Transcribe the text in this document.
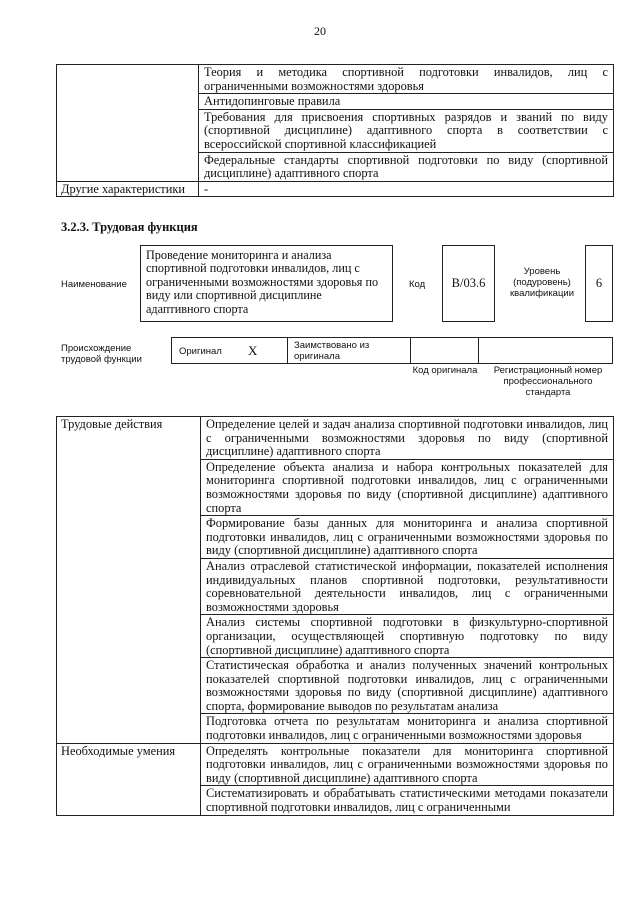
20
	Теория и методика спортивной подготовки инвалидов, лиц с ограниченными возможностями здоровья
	Антидопинговые правила
	Требования для присвоения спортивных разрядов и званий по виду (спортивной дисциплине) адаптивного спорта в соответствии с всероссийской спортивной классификацией
	Федеральные стандарты спортивной подготовки по виду (спортивной дисциплине) адаптивного спорта
Другие характеристики	-
3.2.3. Трудовая функция
Наименование
Проведение мониторинга и анализа спортивной подготовки инвалидов, лиц с ограниченными возможностями здоровья по виду или спортивной дисциплине адаптивного спорта
Код	В/03.6
Уровень (подуровень) квалификации
6
Происхождение трудовой функции
Оригинал X	Заимствовано из оригинала
Код оригинала	Регистрационный номер профессионального стандарта
Трудовые действия	Определение целей и задач анализа спортивной подготовки инвалидов, лиц с ограниченными возможностями здоровья по виду (спортивной дисциплине) адаптивного спорта
	Определение объекта анализа и набора контрольных показателей для мониторинга спортивной подготовки инвалидов, лиц с ограниченными возможностями здоровья по виду (спортивной дисциплине) адаптивного спорта
	Формирование базы данных для мониторинга и анализа спортивной подготовки инвалидов, лиц с ограниченными возможностями здоровья по виду (спортивной дисциплине) адаптивного спорта
	Анализ отраслевой статистической информации, показателей исполнения индивидуальных планов спортивной подготовки, результативности соревновательной деятельности инвалидов, лиц с ограниченными возможностями здоровья
	Анализ системы спортивной подготовки в физкультурно-спортивной организации, осуществляющей спортивную подготовку по виду (спортивной дисциплине) адаптивного спорта
	Статистическая обработка и анализ полученных значений контрольных показателей спортивной подготовки инвалидов, лиц с ограниченными возможностями здоровья по виду (спортивной дисциплине) адаптивного спорта, формирование выводов по результатам анализа
	Подготовка отчета по результатам мониторинга и анализа спортивной подготовки инвалидов, лиц с ограниченными возможностями здоровья
Необходимые умения	Определять контрольные показатели для мониторинга спортивной подготовки инвалидов, лиц с ограниченными возможностями здоровья по виду (спортивной дисциплине) адаптивного спорта
	Систематизировать и обрабатывать статистическими методами показатели спортивной подготовки инвалидов, лиц с ограниченными
